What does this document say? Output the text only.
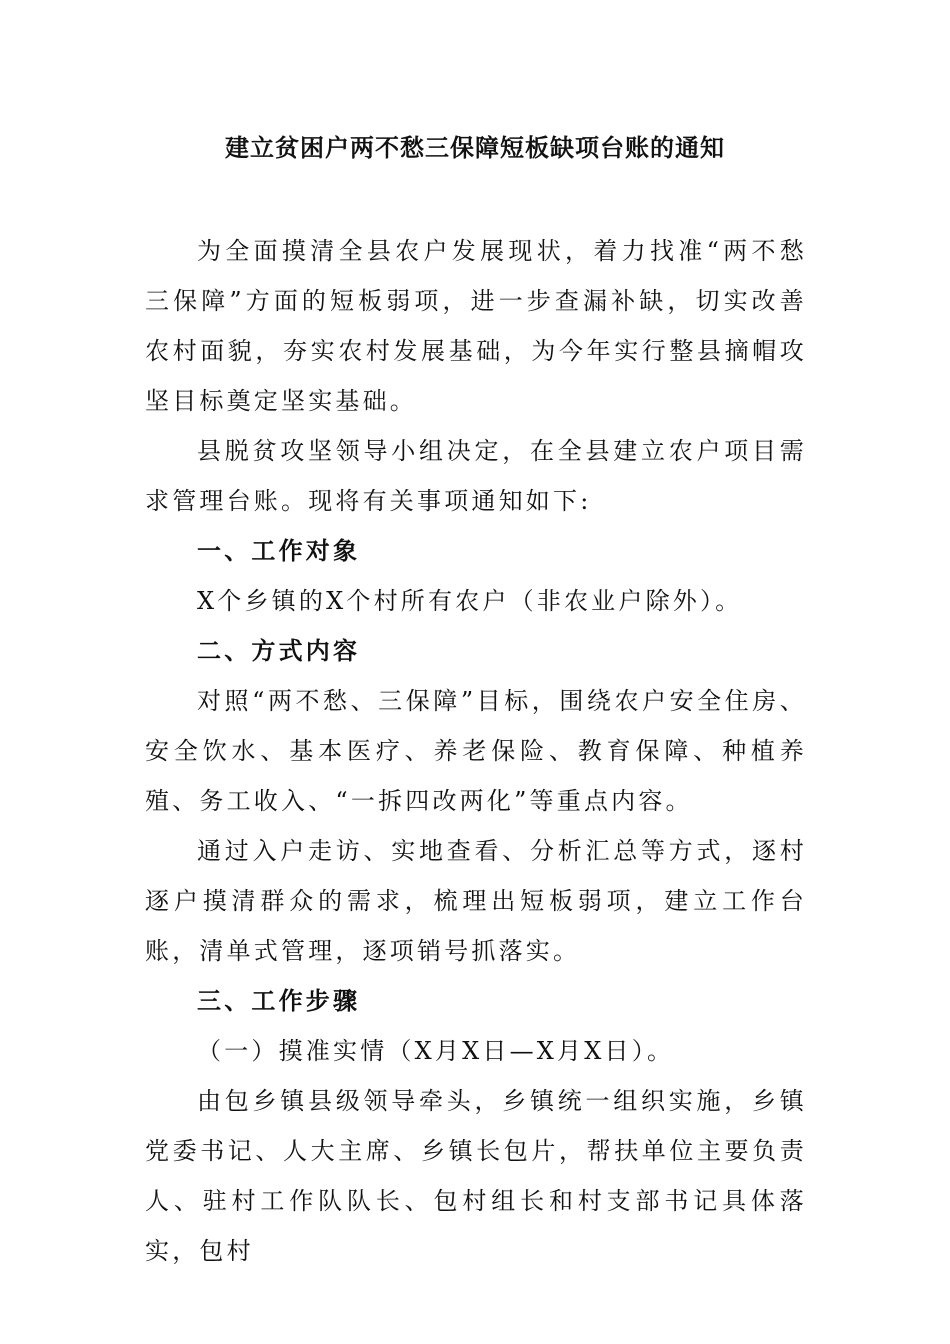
建立贫困户两不愁三保障短板缺项台账的通知

为全面摸清全县农户发展现状，着力找准“两不愁三保障”方面的短板弱项，进一步查漏补缺，切实改善农村面貌，夯实农村发展基础，为今年实行整县摘帽攻坚目标奠定坚实基础。

县脱贫攻坚领导小组决定，在全县建立农户项目需求管理台账。现将有关事项通知如下:

一、工作对象

X个乡镇的X个村所有农户（非农业户除外）。

二、方式内容

对照“两不愁、三保障”目标，围绕农户安全住房、安全饮水、基本医疗、养老保险、教育保障、种植养殖、务工收入、“一拆四改两化”等重点内容。

通过入户走访、实地查看、分析汇总等方式，逐村逐户摸清群众的需求，梳理出短板弱项，建立工作台账，清单式管理，逐项销号抓落实。

三、工作步骤

（一）摸准实情（X月X日—X月X日）。

由包乡镇县级领导牵头，乡镇统一组织实施，乡镇党委书记、人大主席、乡镇长包片，帮扶单位主要负责人、驻村工作队队长、包村组长和村支部书记具体落实，包村
